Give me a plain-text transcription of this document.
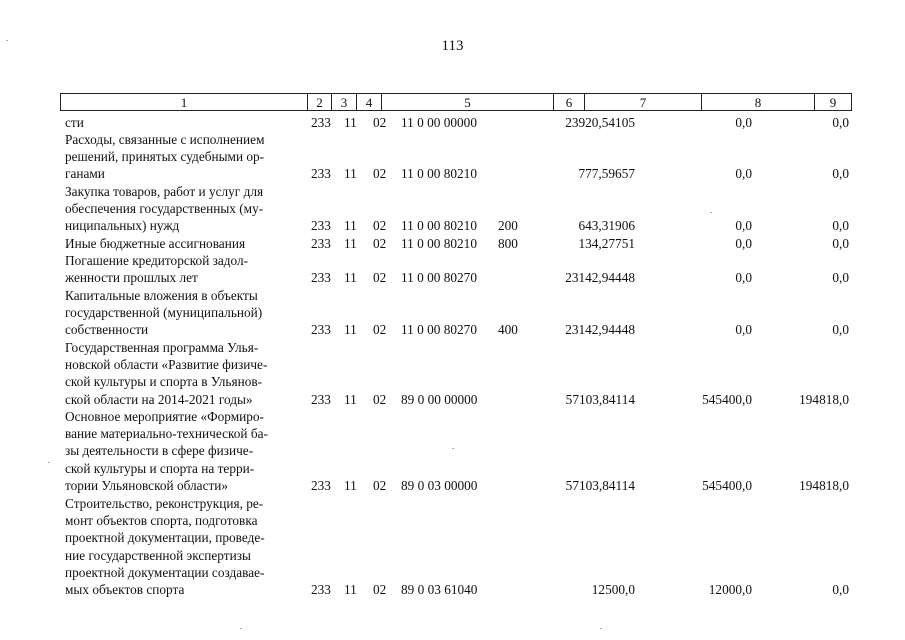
113
1	2	3	4	5	6	7	8	9
сти	233 11 02 11 0 00 00000	23920,54105	0,0	0,0
Расходы, связанные с исполнением
решений, принятых судебными ор-
ганами	233 11 02 11 0 00 80210	777,59657	0,0	0,0
Закупка товаров, работ и услуг для
обеспечения государственных (му-
ниципальных) нужд	233 11 02 11 0 00 80210 200	643,31906	0,0	0,0
Иные бюджетные ассигнования	233 11 02 11 0 00 80210 800	134,27751	0,0	0,0
Погашение кредиторской задол-
женности прошлых лет	233 11 02 11 0 00 80270	23142,94448	0,0	0,0
Капитальные вложения в объекты
государственной (муниципальной)
собственности	233 11 02 11 0 00 80270 400	23142,94448	0,0	0,0
Государственная программа Улья-
новской области «Развитие физиче-
ской культуры и спорта в Ульянов-
ской области на 2014-2021 годы»	233 11 02 89 0 00 00000	57103,84114	545400,0	194818,0
Основное мероприятие «Формиро-
вание материально-технической ба-
зы деятельности в сфере физиче-
ской культуры и спорта на терри-
тории Ульяновской области»	233 11 02 89 0 03 00000	57103,84114	545400,0	194818,0
Строительство, реконструкция, ре-
монт объектов спорта, подготовка
проектной документации, проведе-
ние государственной экспертизы
проектной документации создавае-
мых объектов спорта	233 11 02 89 0 03 61040	12500,0	12000,0	0,0
